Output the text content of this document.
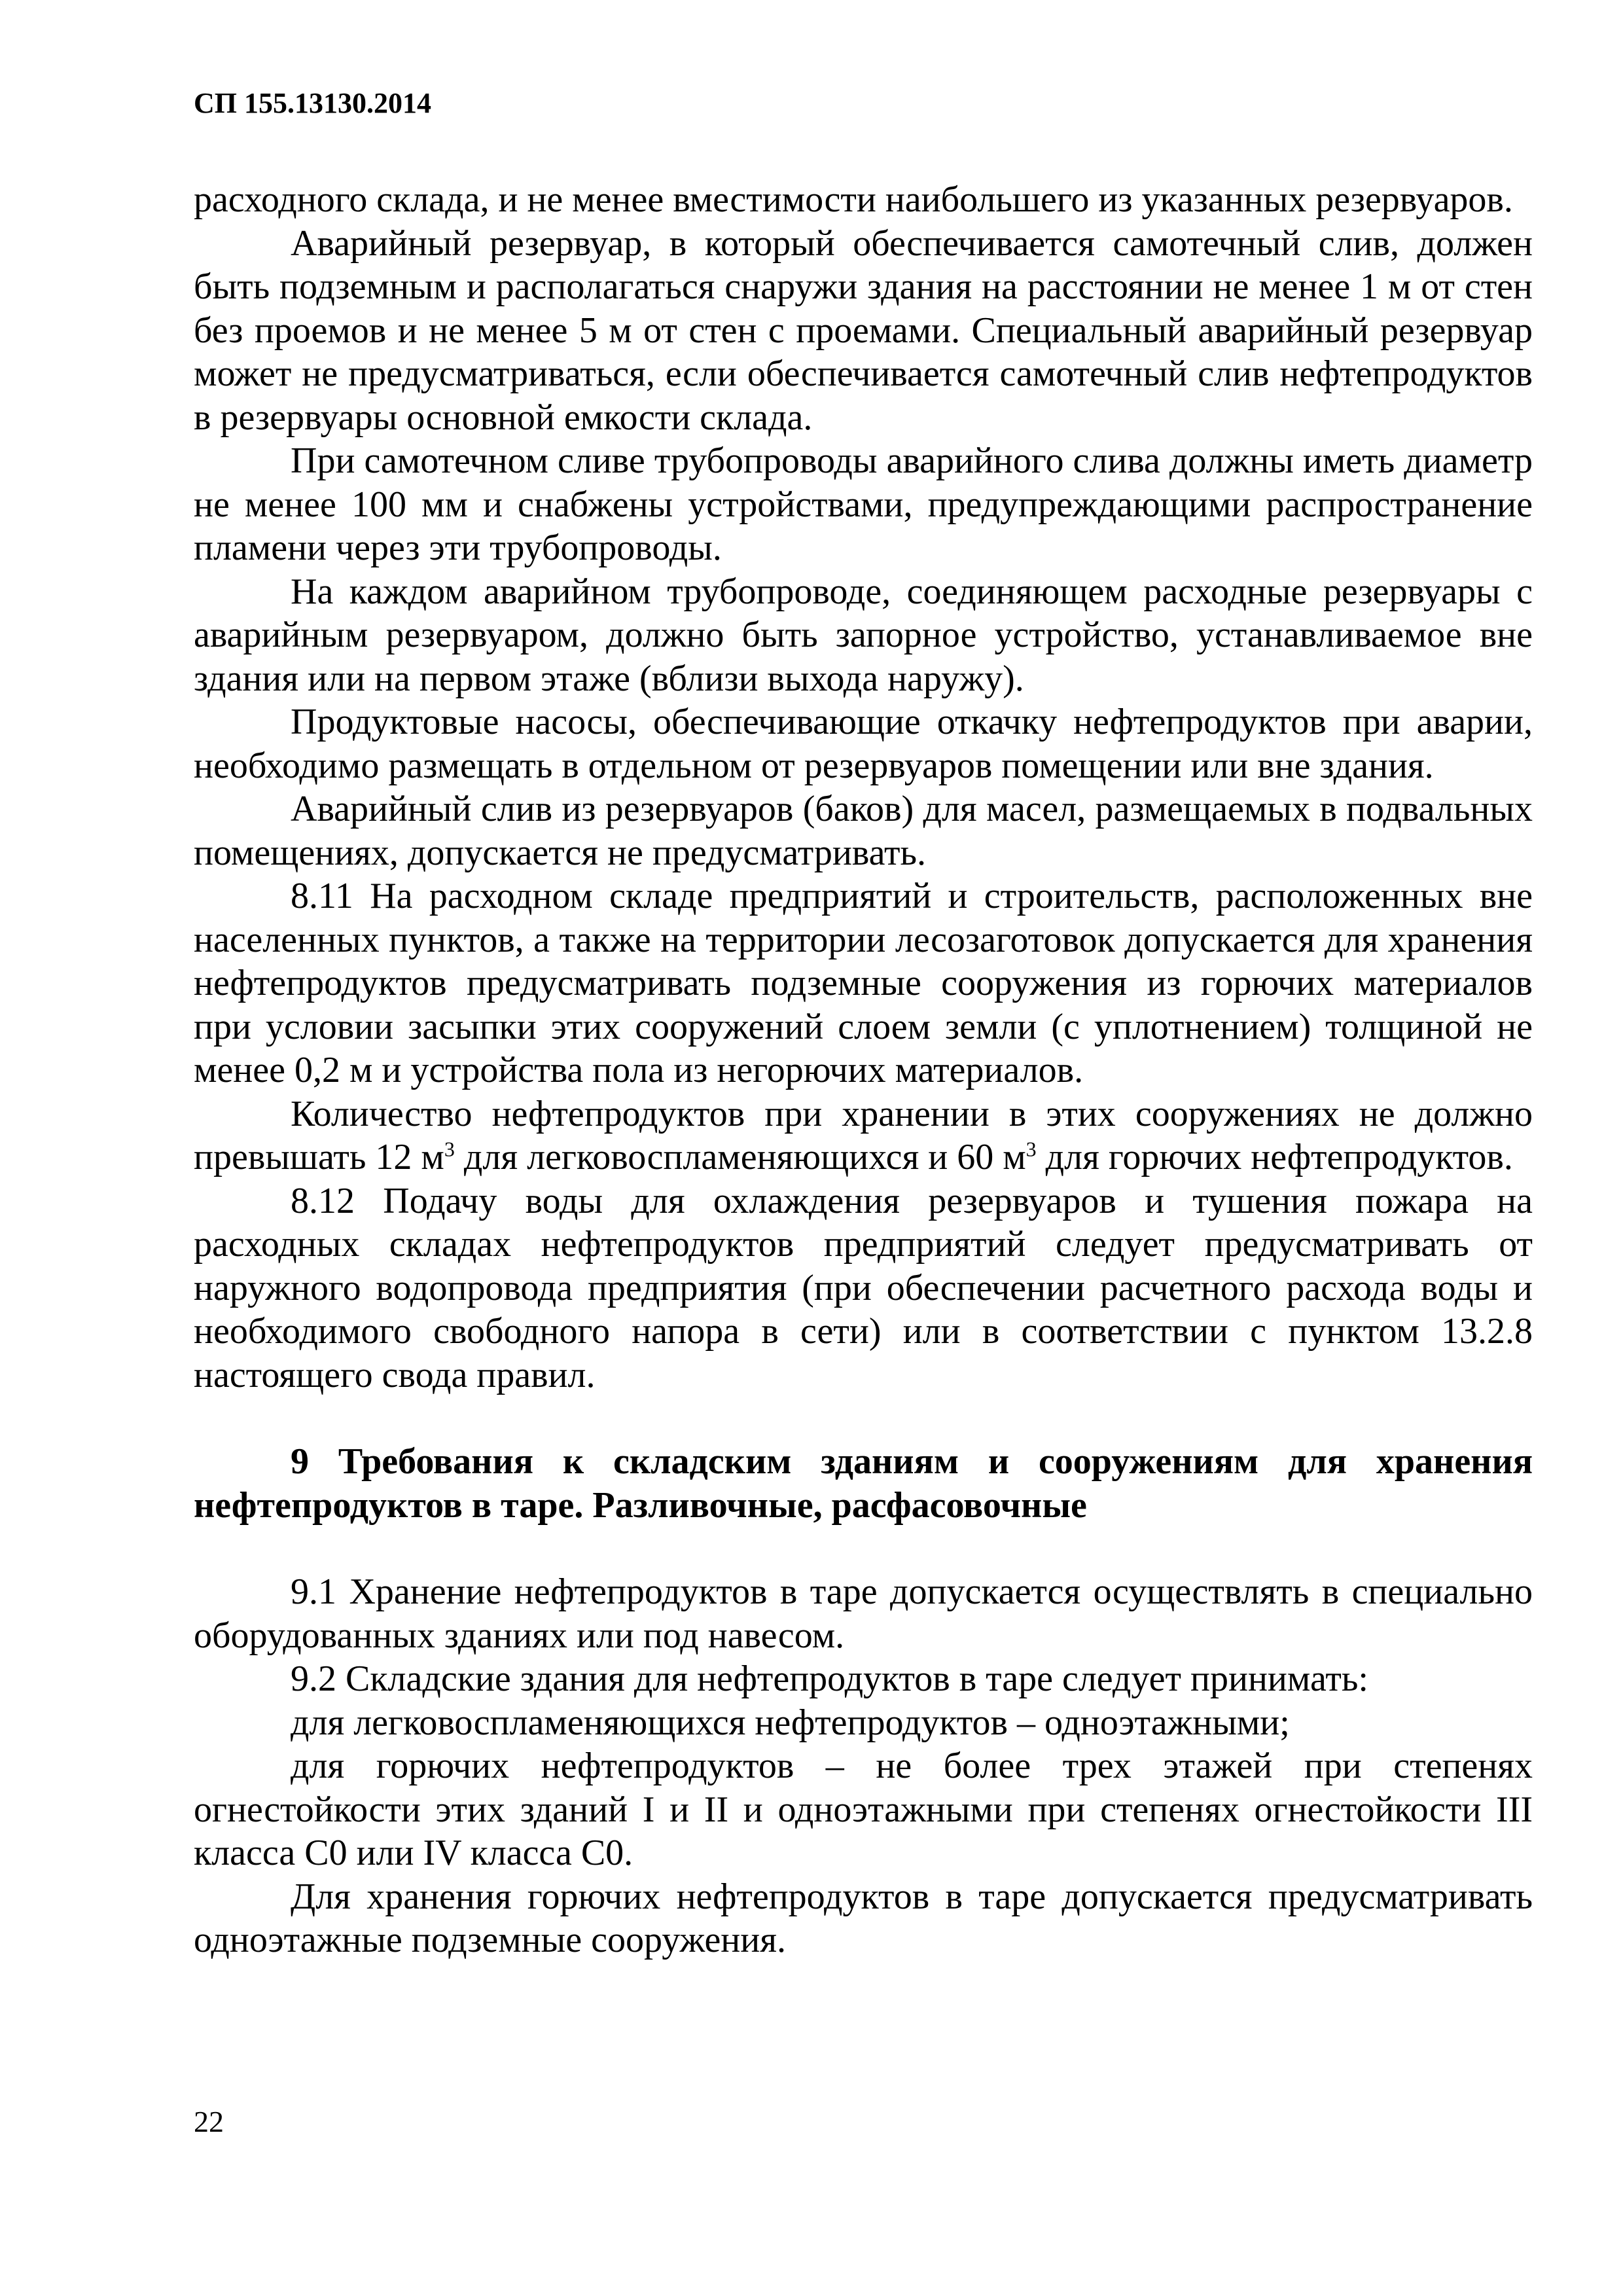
СП 155.13130.2014

расходного склада, и не менее вместимости наибольшего из указанных резервуаров.

Аварийный резервуар, в который обеспечивается самотечный слив, должен быть подземным и располагаться снаружи здания на расстоянии не менее 1 м от стен без проемов и не менее 5 м от стен с проемами. Специальный аварийный резервуар может не предусматриваться, если обеспечивается самотечный слив нефтепродуктов в резервуары основной емкости склада.

При самотечном сливе трубопроводы аварийного слива должны иметь диаметр не менее 100 мм и снабжены устройствами, предупреждающими распространение пламени через эти трубопроводы.

На каждом аварийном трубопроводе, соединяющем расходные резервуары с аварийным резервуаром, должно быть запорное устройство, устанавливаемое вне здания или на первом этаже (вблизи выхода наружу).

Продуктовые насосы, обеспечивающие откачку нефтепродуктов при аварии, необходимо размещать в отдельном от резервуаров помещении или вне здания.

Аварийный слив из резервуаров (баков) для масел, размещаемых в подвальных помещениях, допускается не предусматривать.

8.11 На расходном складе предприятий и строительств, расположенных вне населенных пунктов, а также на территории лесозаготовок допускается для хранения нефтепродуктов предусматривать подземные сооружения из горючих материалов при условии засыпки этих сооружений слоем земли (с уплотнением) толщиной не менее 0,2 м и устройства пола из негорючих материалов.

Количество нефтепродуктов при хранении в этих сооружениях не должно превышать 12 $м^3$ для легковоспламеняющихся и 60 $м^3$ для горючих нефтепродуктов.

8.12 Подачу воды для охлаждения резервуаров и тушения пожара на расходных складах нефтепродуктов предприятий следует предусматривать от наружного водопровода предприятия (при обеспечении расчетного расхода воды и необходимого свободного напора в сети) или в соответствии с пунктом 13.2.8 настоящего свода правил.

9 Требования к складским зданиям и сооружениям для хранения нефтепродуктов в таре. Разливочные, расфасовочные

9.1 Хранение нефтепродуктов в таре допускается осуществлять в специально оборудованных зданиях или под навесом.

9.2 Складские здания для нефтепродуктов в таре следует принимать:

для легковоспламеняющихся нефтепродуктов – одноэтажными;

для горючих нефтепродуктов – не более трех этажей при степенях огнестойкости этих зданий I и II и одноэтажными при степенях огнестойкости III класса С0 или IV класса С0.

Для хранения горючих нефтепродуктов в таре допускается предусматривать одноэтажные подземные сооружения.

22
